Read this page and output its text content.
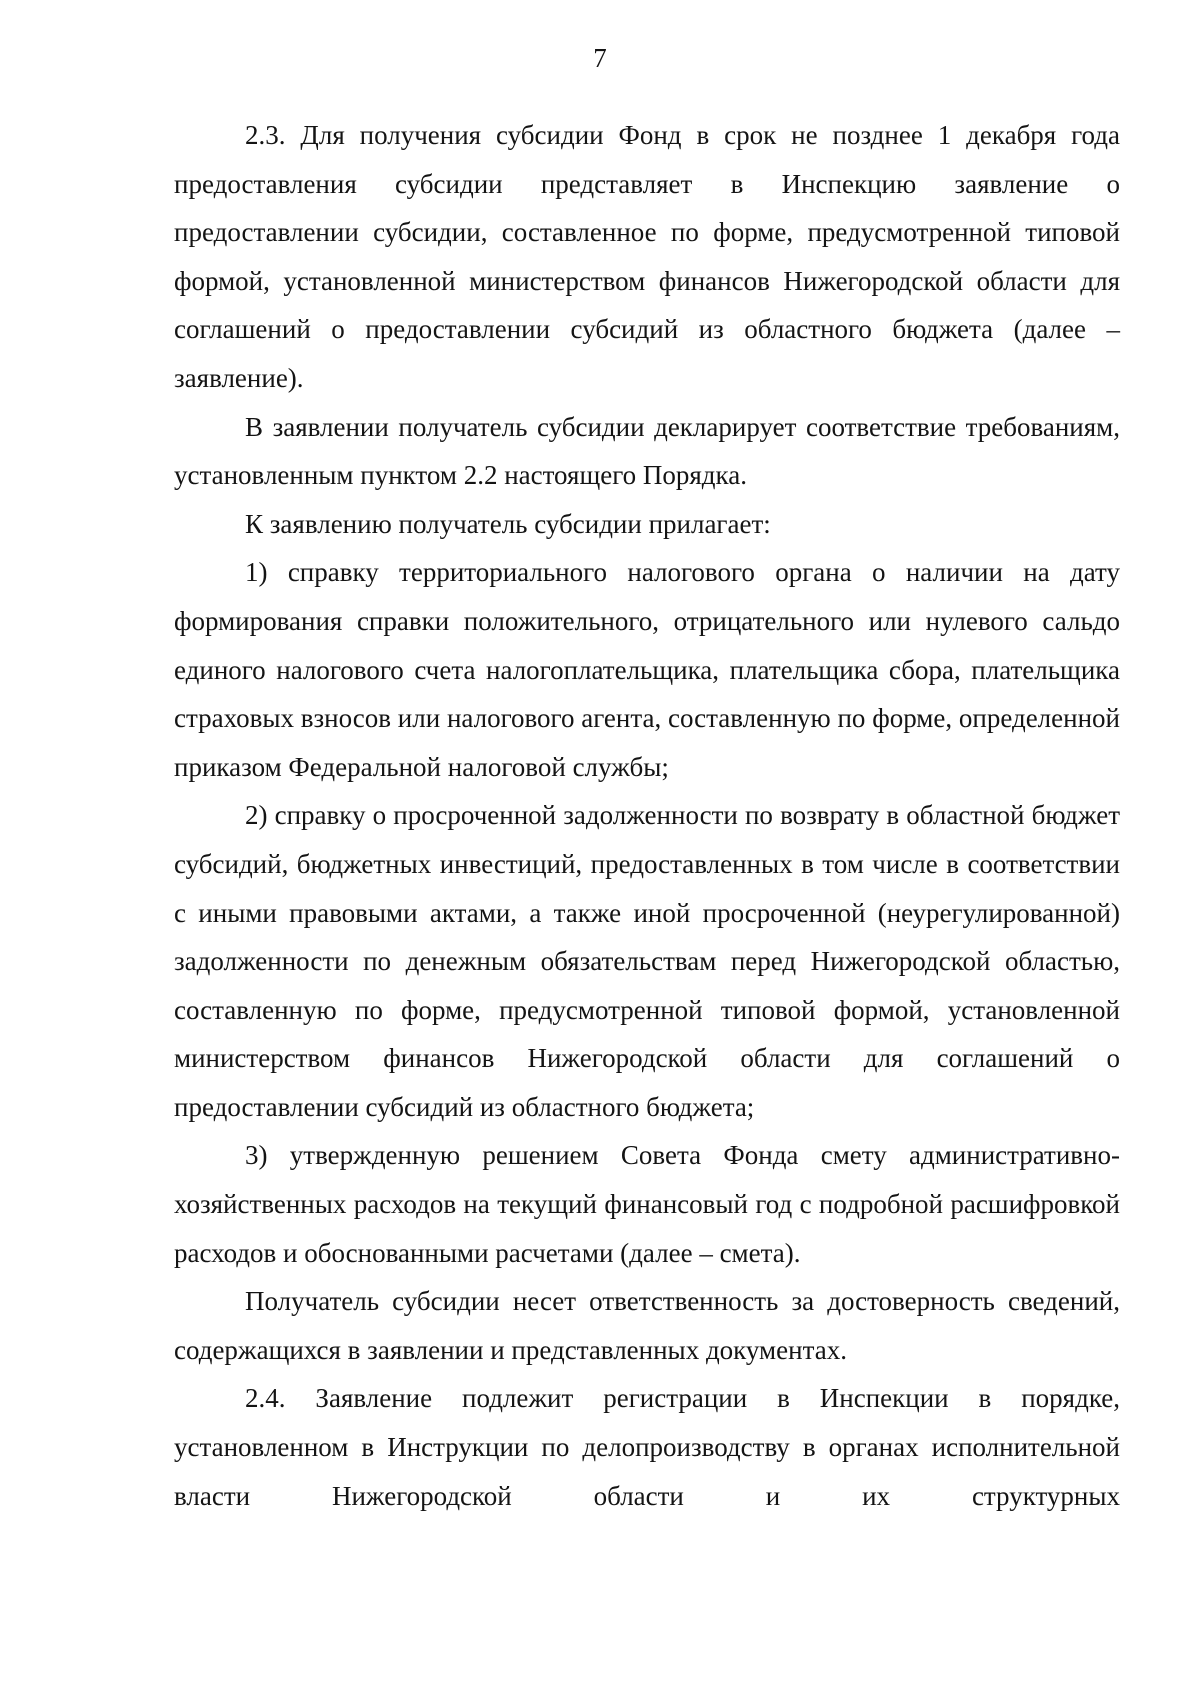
7

2.3. Для получения субсидии Фонд в срок не позднее 1 декабря года предоставления субсидии представляет в Инспекцию заявление о предоставлении субсидии, составленное по форме, предусмотренной типовой формой, установленной министерством финансов Нижегородской области для соглашений о предоставлении субсидий из областного бюджета (далее – заявление).

В заявлении получатель субсидии декларирует соответствие требованиям, установленным пунктом 2.2 настоящего Порядка.

К заявлению получатель субсидии прилагает:

1) справку территориального налогового органа о наличии на дату формирования справки положительного, отрицательного или нулевого сальдо единого налогового счета налогоплательщика, плательщика сбора, плательщика страховых взносов или налогового агента, составленную по форме, определенной приказом Федеральной налоговой службы;

2) справку о просроченной задолженности по возврату в областной бюджет субсидий, бюджетных инвестиций, предоставленных в том числе в соответствии с иными правовыми актами, а также иной просроченной (неурегулированной) задолженности по денежным обязательствам перед Нижегородской областью, составленную по форме, предусмотренной типовой формой, установленной министерством финансов Нижегородской области для соглашений о предоставлении субсидий из областного бюджета;

3) утвержденную решением Совета Фонда смету административно-хозяйственных расходов на текущий финансовый год с подробной расшифровкой расходов и обоснованными расчетами (далее – смета).

Получатель субсидии несет ответственность за достоверность сведений, содержащихся в заявлении и представленных документах.

2.4. Заявление подлежит регистрации в Инспекции в порядке, установленном в Инструкции по делопроизводству в органах исполнительной власти Нижегородской области и их структурных
